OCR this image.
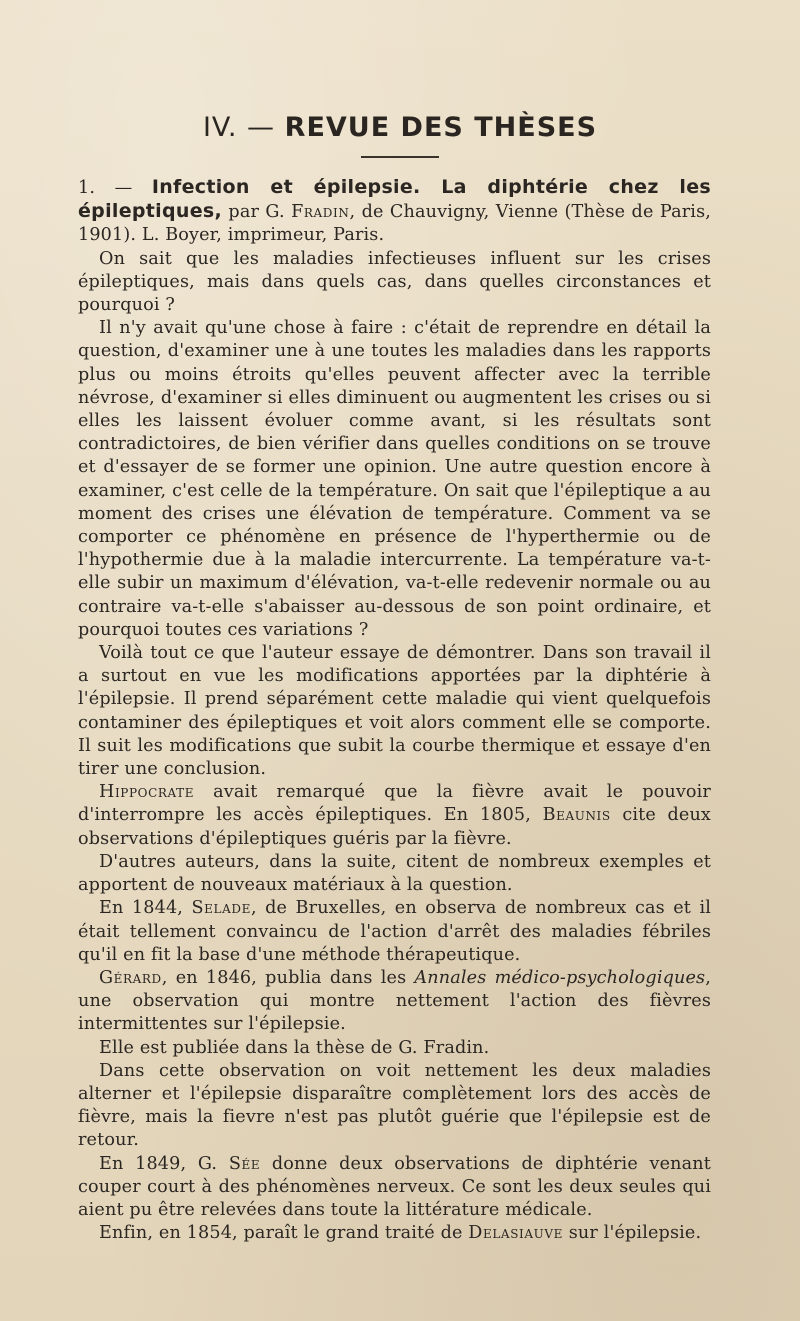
IV. — REVUE DES THÈSES

1. — Infection et épilepsie. La diphtérie chez les épileptiques, par G. Fradin, de Chauvigny, Vienne (Thèse de Paris, 1901). L. Boyer, imprimeur, Paris.

On sait que les maladies infectieuses influent sur les crises épileptiques, mais dans quels cas, dans quelles circonstances et pourquoi ?

Il n'y avait qu'une chose à faire : c'était de reprendre en détail la question, d'examiner une à une toutes les maladies dans les rapports plus ou moins étroits qu'elles peuvent affecter avec la terrible névrose, d'examiner si elles diminuent ou augmentent les crises ou si elles les laissent évoluer comme avant, si les résultats sont contradictoires, de bien vérifier dans quelles conditions on se trouve et d'essayer de se former une opinion. Une autre question encore à examiner, c'est celle de la température. On sait que l'épileptique a au moment des crises une élévation de température. Comment va se comporter ce phénomène en présence de l'hyperthermie ou de l'hypothermie due à la maladie intercurrente. La température va-t-elle subir un maximum d'élévation, va-t-elle redevenir normale ou au contraire va-t-elle s'abaisser au-dessous de son point ordinaire, et pourquoi toutes ces variations ?

Voilà tout ce que l'auteur essaye de démontrer. Dans son travail il a surtout en vue les modifications apportées par la diphtérie à l'épilepsie. Il prend séparément cette maladie qui vient quelquefois contaminer des épileptiques et voit alors comment elle se comporte. Il suit les modifications que subit la courbe thermique et essaye d'en tirer une conclusion.

Hippocrate avait remarqué que la fièvre avait le pouvoir d'interrompre les accès épileptiques. En 1805, Beaunis cite deux observations d'épileptiques guéris par la fièvre.

D'autres auteurs, dans la suite, citent de nombreux exemples et apportent de nouveaux matériaux à la question.

En 1844, Selade, de Bruxelles, en observa de nombreux cas et il était tellement convaincu de l'action d'arrêt des maladies fébriles qu'il en fit la base d'une méthode thérapeutique.

Gérard, en 1846, publia dans les Annales médico-psychologiques, une observation qui montre nettement l'action des fièvres intermittentes sur l'épilepsie.

Elle est publiée dans la thèse de G. Fradin.

Dans cette observation on voit nettement les deux maladies alterner et l'épilepsie disparaître complètement lors des accès de fièvre, mais la fievre n'est pas plutôt guérie que l'épilepsie est de retour.

En 1849, G. Sée donne deux observations de diphtérie venant couper court à des phénomènes nerveux. Ce sont les deux seules qui aient pu être relevées dans toute la littérature médicale.

Enfin, en 1854, paraît le grand traité de Delasiauve sur l'épilepsie.
